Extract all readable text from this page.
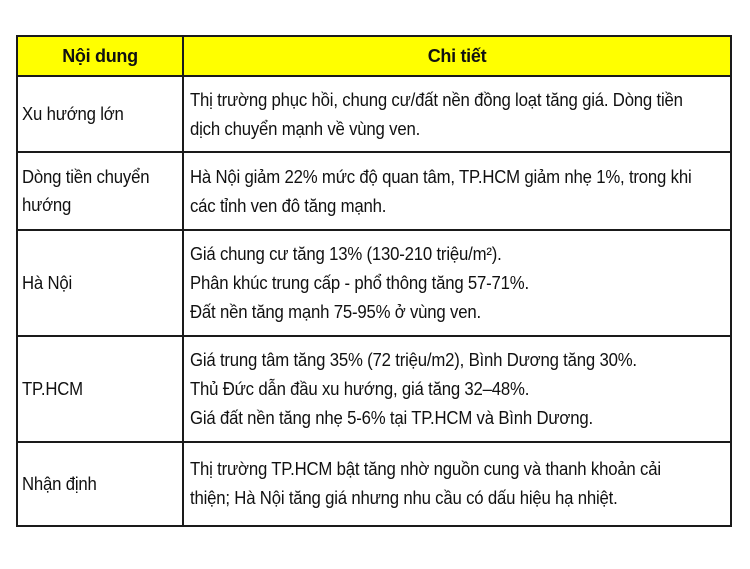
Nội dung	Chi tiết
Xu hướng lớn
Thị trường phục hồi, chung cư/đất nền đồng loạt tăng giá. Dòng tiền
dịch chuyển mạnh về vùng ven.
Dòng tiền chuyển hướng
Hà Nội giảm 22% mức độ quan tâm, TP.HCM giảm nhẹ 1%, trong khi
các tỉnh ven đô tăng mạnh.
Hà Nội
Giá chung cư tăng 13% (130-210 triệu/m²).
Phân khúc trung cấp - phổ thông tăng 57-71%.
Đất nền tăng mạnh 75-95% ở vùng ven.
TP.HCM
Giá trung tâm tăng 35% (72 triệu/m2), Bình Dương tăng 30%.
Thủ Đức dẫn đầu xu hướng, giá tăng 32–48%.
Giá đất nền tăng nhẹ 5-6% tại TP.HCM và Bình Dương.
Nhận định
Thị trường TP.HCM bật tăng nhờ nguồn cung và thanh khoản cải
thiện; Hà Nội tăng giá nhưng nhu cầu có dấu hiệu hạ nhiệt.
